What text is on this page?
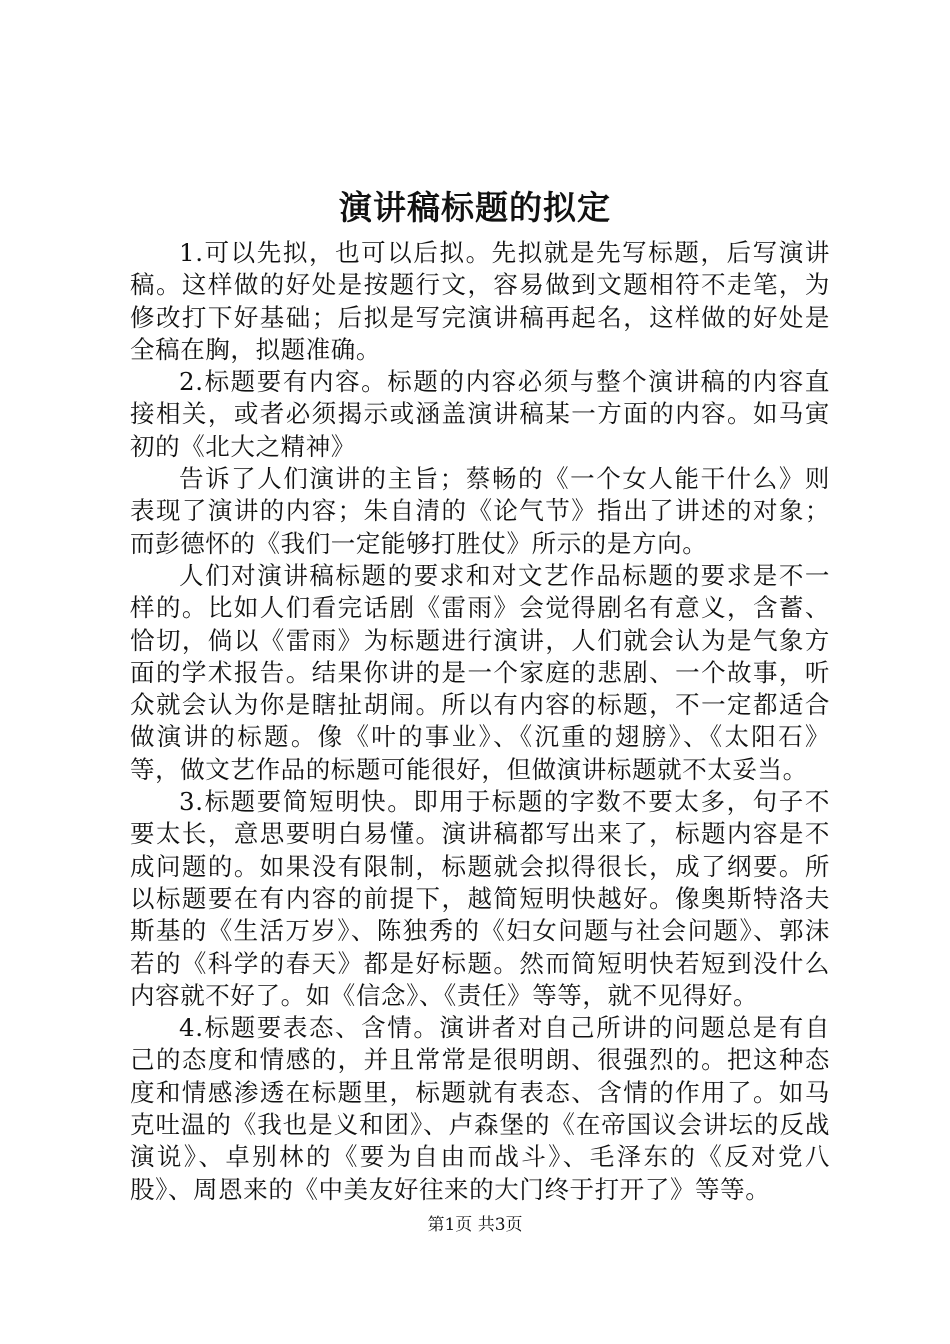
演讲稿标题的拟定

1.可以先拟，也可以后拟。先拟就是先写标题，后写演讲稿。这样做的好处是按题行文，容易做到文题相符不走笔，为修改打下好基础；后拟是写完演讲稿再起名，这样做的好处是全稿在胸，拟题准确。

2.标题要有内容。标题的内容必须与整个演讲稿的内容直接相关，或者必须揭示或涵盖演讲稿某一方面的内容。如马寅初的《北大之精神》

告诉了人们演讲的主旨；蔡畅的《一个女人能干什么》则表现了演讲的内容；朱自清的《论气节》指出了讲述的对象；而彭德怀的《我们一定能够打胜仗》所示的是方向。

人们对演讲稿标题的要求和对文艺作品标题的要求是不一样的。比如人们看完话剧《雷雨》会觉得剧名有意义，含蓄、恰切，倘以《雷雨》为标题进行演讲，人们就会认为是气象方面的学术报告。结果你讲的是一个家庭的悲剧、一个故事，听众就会认为你是瞎扯胡闹。所以有内容的标题，不一定都适合做演讲的标题。像《叶的事业》、《沉重的翅膀》、《太阳石》等，做文艺作品的标题可能很好，但做演讲标题就不太妥当。

3.标题要简短明快。即用于标题的字数不要太多，句子不要太长，意思要明白易懂。演讲稿都写出来了，标题内容是不成问题的。如果没有限制，标题就会拟得很长，成了纲要。所以标题要在有内容的前提下，越简短明快越好。像奥斯特洛夫斯基的《生活万岁》、陈独秀的《妇女问题与社会问题》、郭沫若的《科学的春天》都是好标题。然而简短明快若短到没什么内容就不好了。如《信念》、《责任》等等，就不见得好。

4.标题要表态、含情。演讲者对自己所讲的问题总是有自己的态度和情感的，并且常常是很明朗、很强烈的。把这种态度和情感渗透在标题里，标题就有表态、含情的作用了。如马克吐温的《我也是义和团》、卢森堡的《在帝国议会讲坛的反战演说》、卓别林的《要为自由而战斗》、毛泽东的《反对党八股》、周恩来的《中美友好往来的大门终于打开了》等等。

第1页 共3页
